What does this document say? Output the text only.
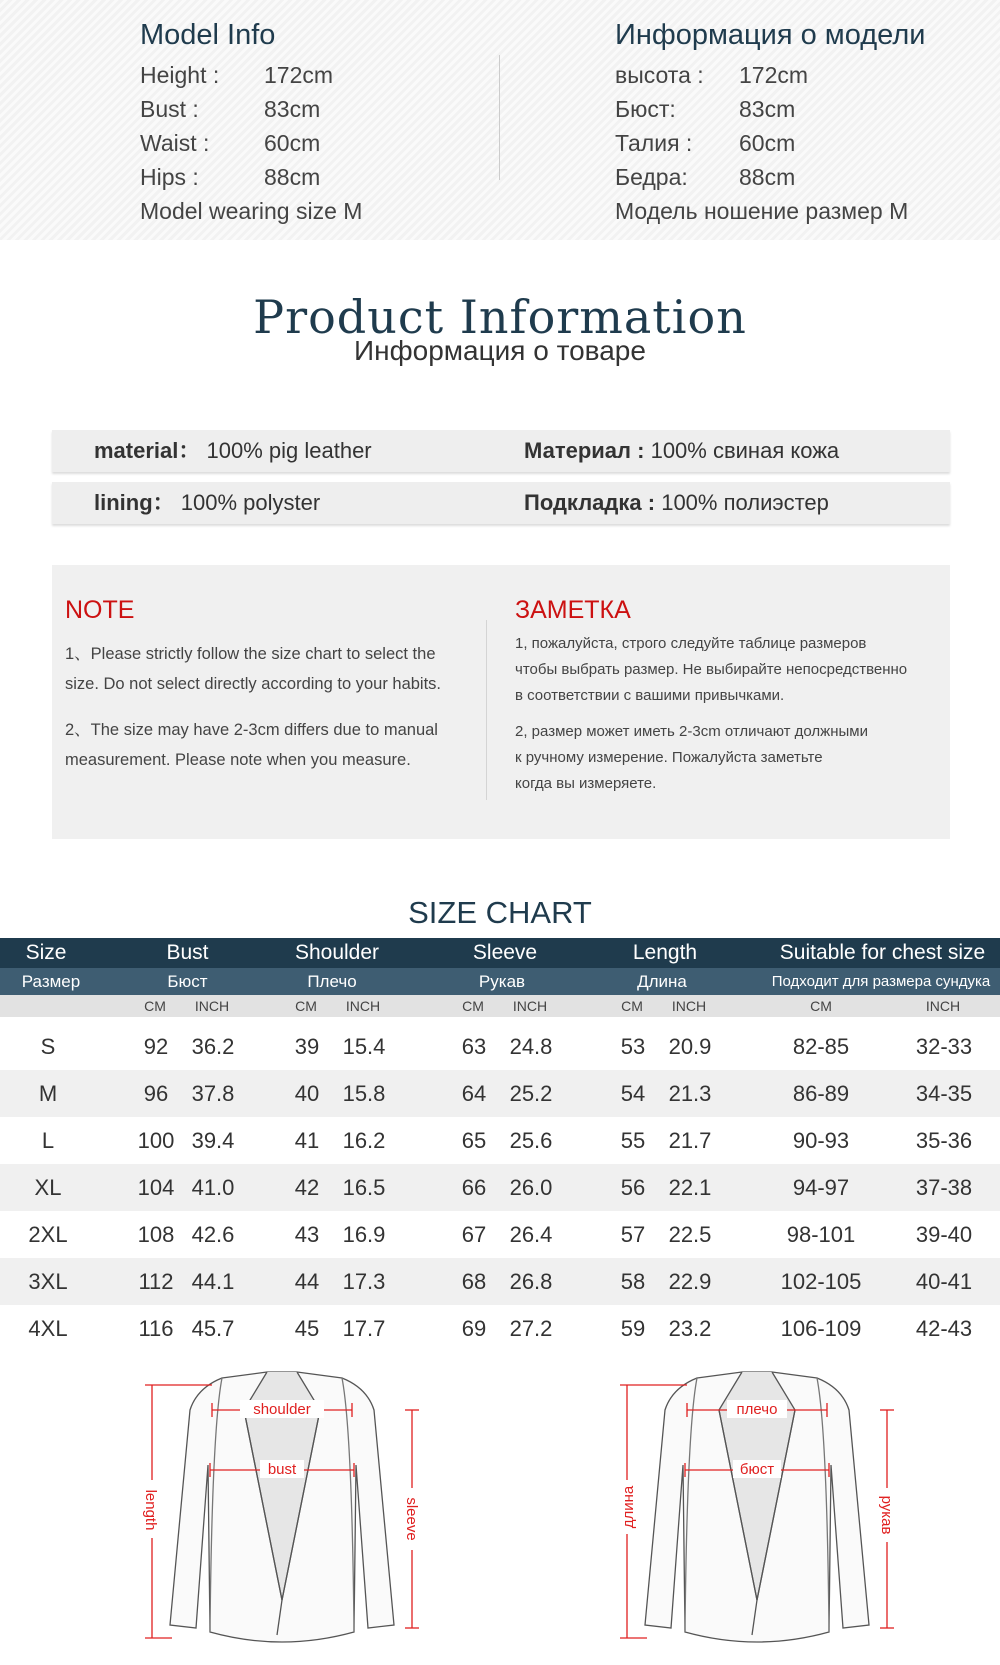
Model Info
Height : 172cm
Bust :	83cm
Waist : 60cm
Hips :	88cm
Model wearing size M
Информация о модели
высота : 172cm
Бюст:	83cm
Талия : 60cm
Бедра: 88cm
Модель ношение размер M
Product Information
Информация о товаре
material： 100% pig leather	Материал : 100% свиная кожа
lining： 100% polyster	Подкладка : 100% полиэстер
NOTE

1、Please strictly follow the size chart to select the
size. Do not select directly according to your habits.

2、The size may have 2-3cm differs due to manual
measurement. Please note when you measure.

ЗАМЕТКА

1, пожалуйста, строго следуйте таблице размеров
чтобы выбрать размер. Не выбирайте непосредственно
в соответствии с вашими привычками.

2, размер может иметь 2-3cm отличают должными
к ручному измерение. Пожалуйста заметьте
когда вы измеряете.

SIZE CHART
Size	Bust	Shoulder	Sleeve	Length	Suitable for chest size
Размер	Бюст	Плечо	Рукав	Длина	Подходит для размера сундука
CM	INCH	CM	INCH	CM	INCH	CM	INCH	CM	INCH
S	92	36.2	39	15.4	63	24.8	53	20.9	82-85	32-33
M	96	37.8	40	15.8	64	25.2	54	21.3	86-89	34-35
L	100 39.4	41	16.2	65	25.6	55	21.7	90-93	35-36
XL	104 41.0	42	16.5	66	26.0	56	22.1	94-97	37-38
2XL	108 42.6	43	16.9	67	26.4	57	22.5	98-101	39-40
3XL	112 44.1	44	17.3	68	26.8	58	22.9	102-105	40-41
4XL	116 45.7	45	17.7	69	27.2	59	23.2	106-109	42-43
shoulder
bust
length	sleeve
плечо
бюст
длина	рукав
